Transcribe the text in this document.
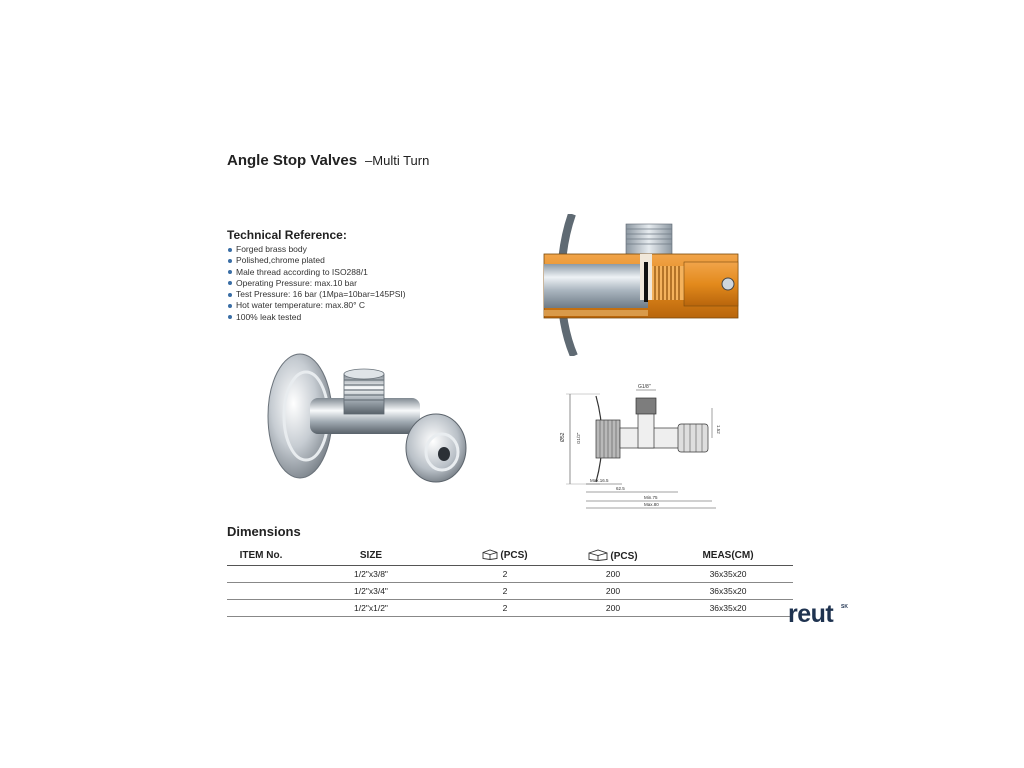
Angle Stop Valves –Multi Turn
Technical Reference:
Forged brass body
Polished,chrome plated
Male thread according to ISO288/1
Operating Pressure: max.10 bar
Test Pressure: 16 bar (1Mpa=10bar=145PSI)
Hot water temperature: max.80° C
100% leak tested
Ø52 G1/2"
G1/8"
1.52
Max.16.5
62.5
Min.75
Max.80
Dimensions
ITEM No.	SIZE	(PCS)	(PCS)	MEAS(CM)
	1/2"x3/8"	2	200	36x35x20
	1/2"x3/4"	2	200	36x35x20
	1/2"x1/2"	2	200	36x35x20 reut SK
